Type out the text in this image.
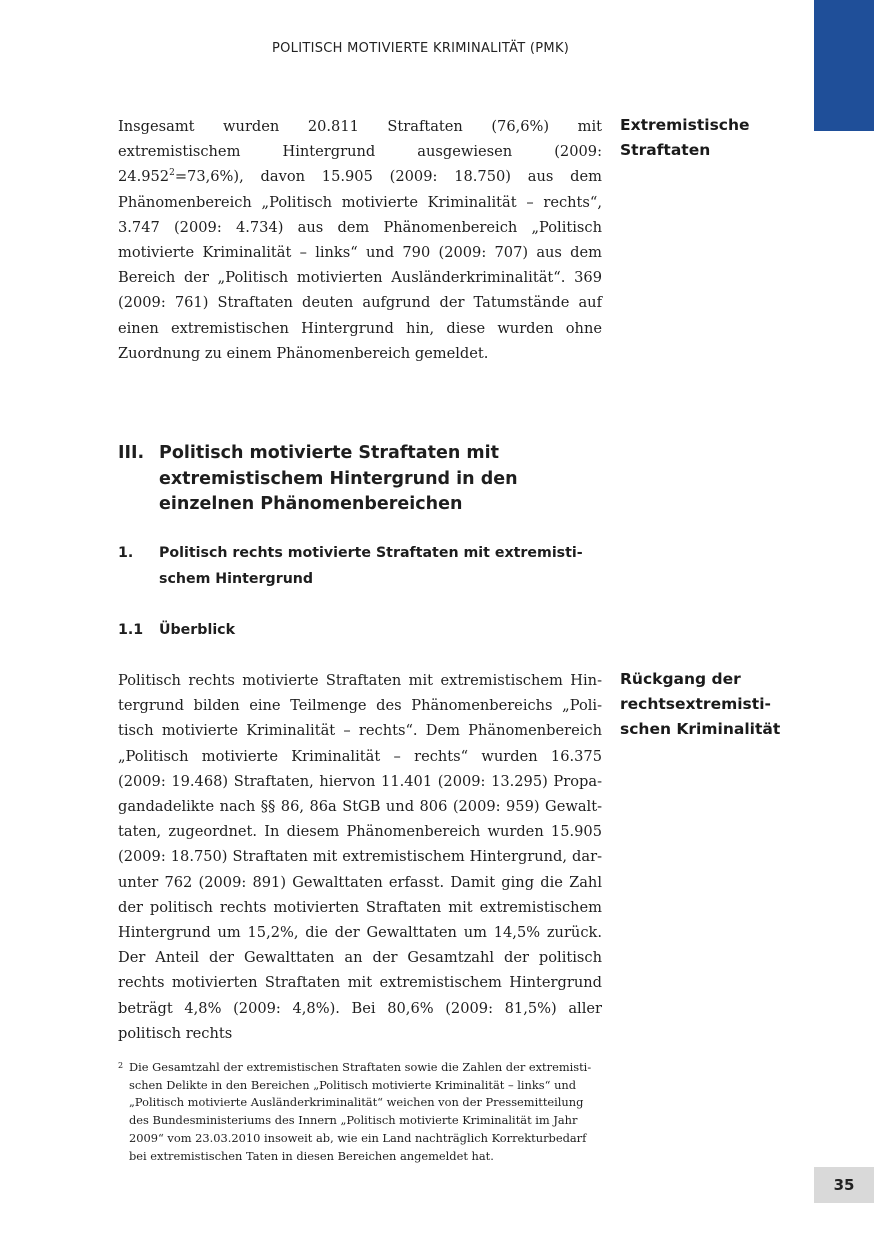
POLITISCH MOTIVIERTE KRIMINALITÄT (PMK)

Insgesamt wurden 20.811 Straftaten (76,6%) mit extremistischem Hintergrund ausgewiesen (2009: $24.952^2=73,6\%$), davon 15.905 (2009: 18.750) aus dem Phänomenbereich „Politisch motivierte Kriminalität – rechts“, 3.747 (2009: 4.734) aus dem Phänomenbereich „Politisch motivierte Kriminalität – links“ und 790 (2009: 707) aus dem Bereich der „Politisch motivierten Ausländerkriminalität“. 369 (2009: 761) Straftaten deuten aufgrund der Tatumstände auf einen extremistischen Hintergrund hin, diese wurden ohne Zuordnung zu einem Phänomenbereich gemeldet.

Extremistische Straftaten
III. Politisch motivierte Straftaten mit extremistischem Hintergrund in den einzelnen Phänomenbereichen
1.	Politisch rechts motivierte Straftaten mit extremistischem Hintergrund
1.1	Überblick

Politisch rechts motivierte Straftaten mit extremistischem Hintergrund bilden eine Teilmenge des Phänomenbereichs „Politisch motivierte Kriminalität – rechts“. Dem Phänomenbereich „Politisch motivierte Kriminalität – rechts“ wurden 16.375 (2009: 19.468) Straftaten, hiervon 11.401 (2009: 13.295) Propagandadelikte nach §§ 86, 86a StGB und 806 (2009: 959) Gewalttaten, zugeordnet. In diesem Phänomenbereich wurden 15.905 (2009: 18.750) Straftaten mit extremistischem Hintergrund, darunter 762 (2009: 891) Gewalttaten erfasst. Damit ging die Zahl der politisch rechts motivierten Straftaten mit extremistischem Hintergrund um 15,2%, die der Gewalttaten um 14,5% zurück. Der Anteil der Gewalttaten an der Gesamtzahl der politisch rechts motivierten Straftaten mit extremistischem Hintergrund beträgt 4,8% (2009: 4,8%). Bei 80,6% (2009: 81,5%) aller politisch rechts

Rückgang der rechtsextremistischen Kriminalität
2 Die Gesamtzahl der extremistischen Straftaten sowie die Zahlen der extremistischen Delikte in den Bereichen „Politisch motivierte Kriminalität – links“ und „Politisch motivierte Ausländerkriminalität“ weichen von der Pressemitteilung des Bundesministeriums des Innern „Politisch motivierte Kriminalität im Jahr 2009“ vom 23.03.2010 insoweit ab, wie ein Land nachträglich Korrekturbedarf bei extremistischen Taten in diesen Bereichen angemeldet hat.
35
